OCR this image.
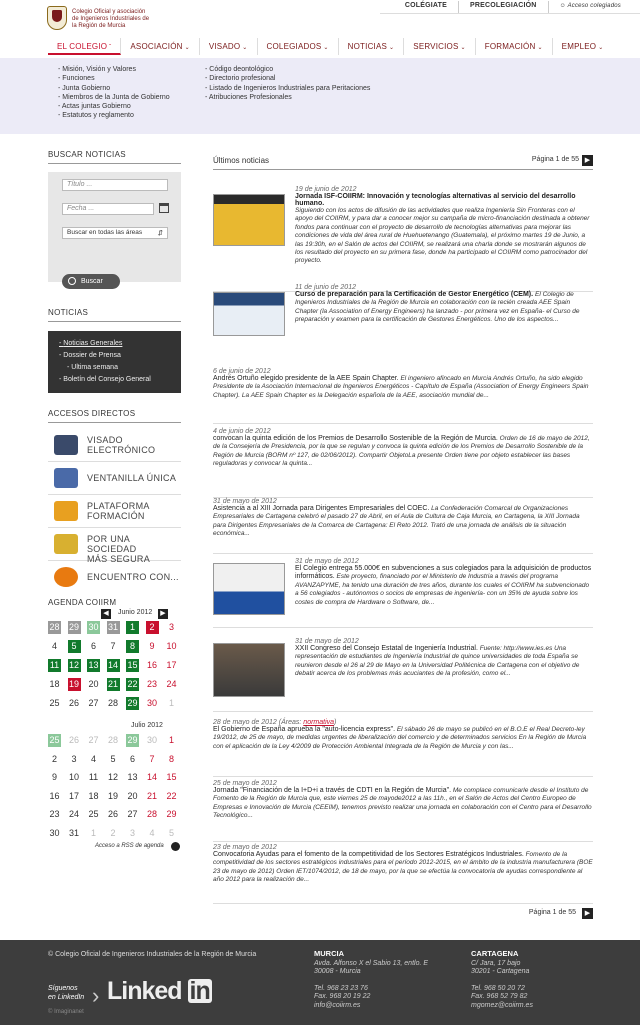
Colegio Oficial y asociación
de Ingenieros Industriales de
la Región de Murcia
COLÉGIATE	PRECOLEGIACIÓN	☺ Acceso colegiados
EL COLEGIO ˆ	ASOCIACIÓN ⌄	VISADO ⌄	COLEGIADOS ⌄	NOTICIAS ⌄	SERVICIOS ⌄	FORMACIÓN ⌄	EMPLEO ⌄
- Misión, Visión y Valores
- Funciones
- Junta Gobierno
- Miembros de la Junta de Gobierno
- Actas juntas Gobierno
- Estatutos y reglamento
- Código deontológico
- Directorio profesional
- Listado de Ingenieros Industriales para Peritaciones
- Atribuciones Profesionales
BUSCAR NOTICIAS
Título ...
Fecha ...
Buscar en todas las áreas ⇵
Buscar
NOTICIAS
- Noticias Generales
- Dossier de Prensa
- Ultima semana
- Boletín del Consejo General
ACCESOS DIRECTOS
VISADO
ELECTRÓNICO
VENTANILLA ÚNICA
PLATAFORMA
FORMACIÓN
POR UNA SOCIEDAD
MÁS SEGURA
ENCUENTRO CON...
AGENDA COIIRM
◀	Junio 2012	▶
28 29 30 31	1	2	3
4	5	6	7	8	9	10
11 12 13 14 15 16 17
18 19 20 21 22 23 24
25 26 27 28 29 30	1
Julio 2012
25 26 27 28 29 30	1
2	3	4	5	6	7	8
9	10 11 12 13 14 15
16 17 18 19 20 21 22
23 24 25 26 27 28 29
30 31	1	2	3	4	5
Acceso a RSS de agenda
Últimos noticias	Página 1 de 55 ▶
19 de junio de 2012
Jornada ISF-COIIRM: Innovación y tecnologías alternativas al servicio del desarrollo humano.
Siguiendo con los actos de difusión de las actividades que realiza Ingeniería Sin Fronteras con el apoyo del COIIRM, y para dar a conocer mejor su campaña de micro-financiación destinada a obtener fondos para continuar con el proyecto de desarrollo de tecnologías alternativas para mejorar las condiciones de vida del área rural de Huehuetenango (Guatemala), el próximo martes 19 de Junio, a las 19:30h, en el Salón de actos del COIIRM, se realizará una charla donde se mostrarán algunos de los resultado del proyecto en su primera fase, donde ha participado el COIIRM como patrocinador del proyecto.
11 de junio de 2012
Curso de preparación para la Certificación de Gestor Energético (CEM). El Colegio de Ingenieros Industriales de la Región de Murcia en colaboración con la recién creada AEE Spain Chapter (la Association of Energy Engineers) ha lanzado - por primera vez en España- el Curso de preparación y examen para la certificación de Gestores Energéticos. Uno de los aspectos...
6 de junio de 2012
Andrés Ortuño elegido presidente de la AEE Spain Chapter. El ingeniero afincado en Murcia Andrés Ortuño, ha sido elegido Presidente de la Asociación Internacional de Ingenieros Energéticos - Capítulo de España (Association of Energy Engineers Spain Chapter). La AEE Spain Chapter es la Delegación española de la AEE, asociación mundial de...
4 de junio de 2012
convocan la quinta edición de los Premios de Desarrollo Sostenible de la Región de Murcia. Orden de 16 de mayo de 2012, de la Consejería de Presidencia, por la que se regulan y convoca la quinta edición de los Premios de Desarrollo Sostenible de la Región de Murcia (BORM nº 127, de 02/06/2012). Compartir ObjetoLa presente Orden tiene por objeto establecer las bases reguladoras y convocar la quinta...
31 de mayo de 2012
Asistencia a al XIII Jornada para Dirigentes Empresariales del COEC. La Confederación Comarcal de Organizaciones Empresariales de Cartagena celebró el pasado 27 de Abril, en el Aula de Cultura de Caja Murcia, en Cartagena, la XIII Jornada para Dirigentes Empresariales de la Comarca de Cartagena: El Reto 2012. Trató de una jornada de análisis de la situación económica...
31 de mayo de 2012
El Colegio entrega 55.000€ en subvenciones a sus colegiados para la adquisición de productos informáticos. Este proyecto, financiado por el Ministerio de Industria a través del programa AVANZAPYME, ha tenido una duración de tres años, durante los cuales el COIIRM ha subvencionado a 56 colegiados - autónomos o socios de empresas de ingeniería- con un 35% de ayuda sobre los costes de compra de Hardware o Software, de...
31 de mayo de 2012
XXII Congreso del Consejo Estatal de Ingeniería Industrial. Fuente: http://www.ies.es Una representación de estudiantes de Ingeniería Industrial de quince universidades de toda España se reunieron desde el 26 al 29 de Mayo en la Universidad Politécnica de Cartagena con el objetivo de debatir acerca de los problemas más acuciantes de la profesión, como el...
28 de mayo de 2012 (Áreas: normativa)
El Gobierno de España aprueba la "auto-licencia express". El sábado 26 de mayo se publicó en el B.O.E el Real Decreto-ley 19/2012, de 25 de mayo, de medidas urgentes de liberalización del comercio y de determinados servicios En la Región de Murcia con el aplicación de la Ley 4/2009 de Protección Ambiental Integrada de la Región de Murcia y con las...
25 de mayo de 2012
Jornada "Financiación de la I+D+i a través de CDTI en la Región de Murcia". Me complace comunicarle desde el Instituto de Fomento de la Región de Murcia que, este viernes 25 de mayode2012 a las 11h., en el Salón de Actos del Centro Europeo de Empresas e Innovación de Murcia (CEEIM), tenemos previsto realizar una jornada en colaboración con el Centro para el Desarrollo Tecnológico...
23 de mayo de 2012
Convocatoria Ayudas para el fomento de la competitividad de los Sectores Estratégicos Industriales. Fomento de la competitividad de los sectores estratégicos industriales para el período 2012-2015, en el ámbito de la industria manufacturera (BOE 23 de mayo de 2012) Orden IET/1074/2012, de 18 de mayo, por la que se efectúa la convocatoria de ayudas correspondiente al año 2012 para la realización de...
Página 1 de 55	▶
© Colegio Oficial de Ingenieros Industriales de la Región de Murcia	MURCIA
Avda. Alfonso X el Sabio 13, entlo. E
30008 - Murcia
Tel. 968 23 23 76
Fax. 968 20 19 22
info@coiirm.es
CARTAGENA
C/ Jara, 17 bajo
30201 - Cartagena
Tel. 968 50 20 72
Fax. 968 52 79 82
mgomez@coiirm.es
Síguenos
en LinkedIn › Linked in
© Imaginanet
